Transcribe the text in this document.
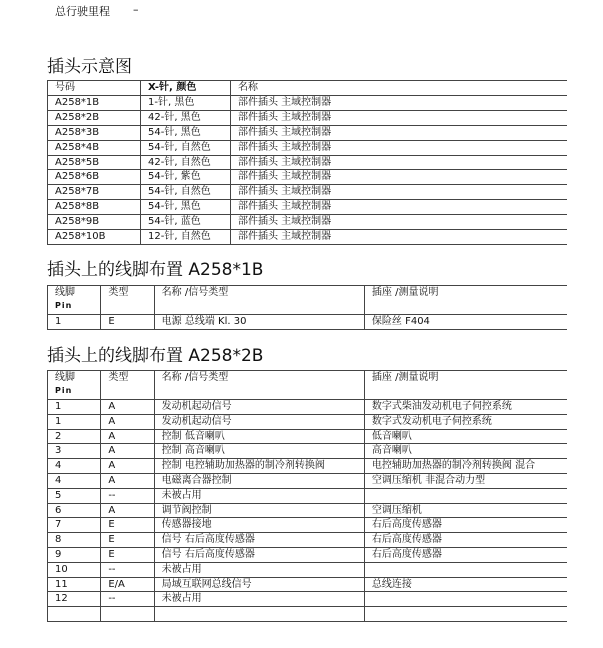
总行驶里程 –
插头示意图
号码	X-针, 颜色	名称
A258*1B	1-针, 黑色	部件插头 主域控制器
A258*2B	42-针, 黑色	部件插头 主域控制器
A258*3B	54-针, 黑色	部件插头 主域控制器
A258*4B	54-针, 自然色	部件插头 主域控制器
A258*5B	42-针, 自然色	部件插头 主域控制器
A258*6B	54-针, 紫色	部件插头 主域控制器
A258*7B	54-针, 自然色	部件插头 主域控制器
A258*8B	54-针, 黑色	部件插头 主域控制器
A258*9B	54-针, 蓝色	部件插头 主域控制器
A258*10B	12-针, 自然色	部件插头 主域控制器
插头上的线脚布置 A258*1B
线脚
Pin	类型	名称 /信号类型	插座 /测量说明
1	E	电源 总线端 Kl. 30	保险丝 F404
插头上的线脚布置 A258*2B
线脚
Pin	类型	名称 /信号类型	插座 /测量说明
1	A	发动机起动信号	数字式柴油发动机电子伺控系统
1	A	发动机起动信号	数字式发动机电子伺控系统
2	A	控制 低音喇叭	低音喇叭
3	A	控制 高音喇叭	高音喇叭
4	A	控制 电控辅助加热器的制冷剂转换阀	电控辅助加热器的制冷剂转换阀 混合
4	A	电磁离合器控制	空调压缩机 非混合动力型
5	--	未被占用	
6	A	调节阀控制	空调压缩机
7	E	传感器接地	右后高度传感器
8	E	信号 右后高度传感器	右后高度传感器
9	E	信号 右后高度传感器	右后高度传感器
10	--	未被占用	
11	E/A	局域互联网总线信号	总线连接
12	--	未被占用	
